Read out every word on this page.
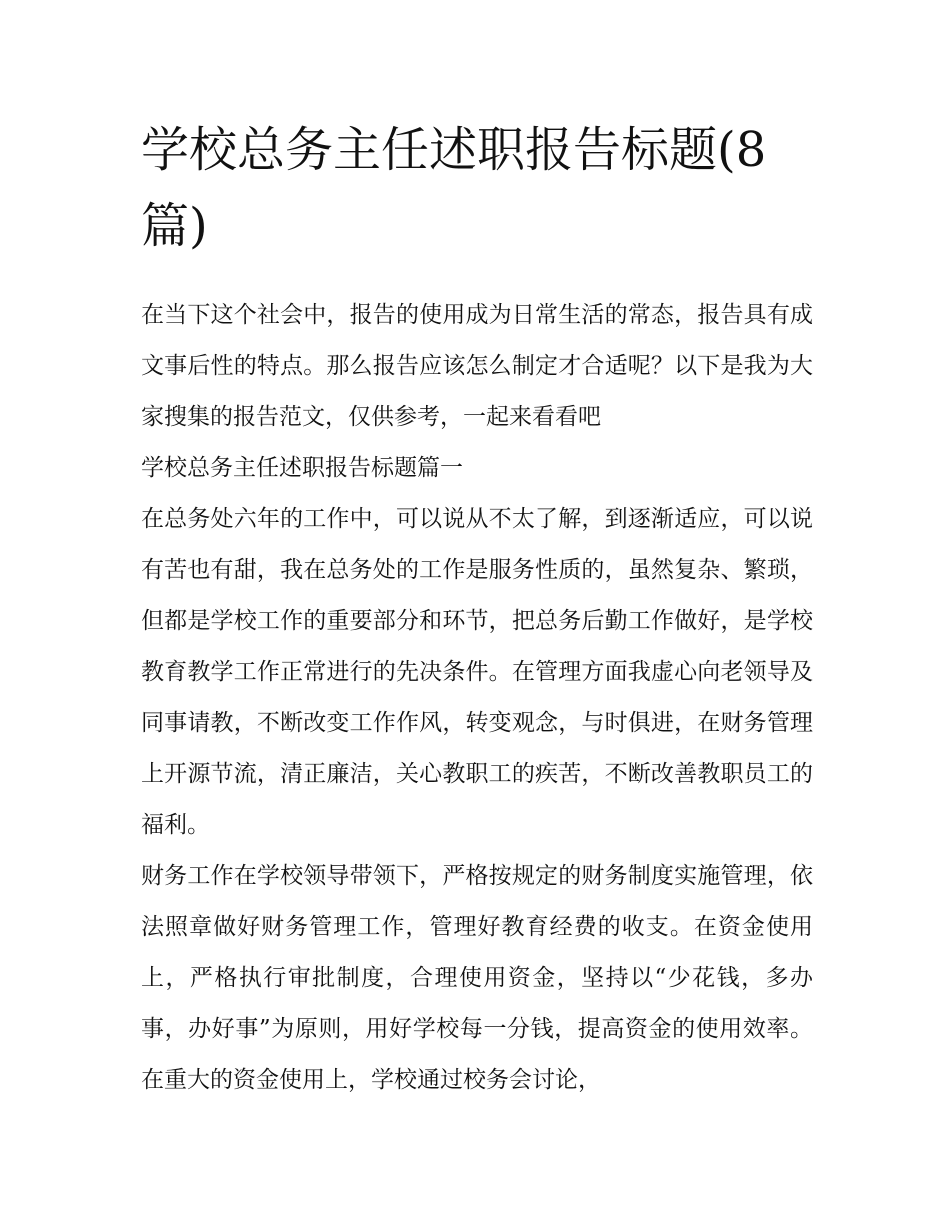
学校总务主任述职报告标题(8篇)

在当下这个社会中，报告的使用成为日常生活的常态，报告具有成文事后性的特点。那么报告应该怎么制定才合适呢？以下是我为大家搜集的报告范文，仅供参考，一起来看看吧

学校总务主任述职报告标题篇一

在总务处六年的工作中，可以说从不太了解，到逐渐适应，可以说有苦也有甜，我在总务处的工作是服务性质的，虽然复杂、繁琐，但都是学校工作的重要部分和环节，把总务后勤工作做好，是学校教育教学工作正常进行的先决条件。在管理方面我虚心向老领导及同事请教，不断改变工作作风，转变观念，与时俱进，在财务管理上开源节流，清正廉洁，关心教职工的疾苦，不断改善教职员工的福利。

财务工作在学校领导带领下，严格按规定的财务制度实施管理，依法照章做好财务管理工作，管理好教育经费的收支。在资金使用上，严格执行审批制度，合理使用资金，坚持以“少花钱，多办事，办好事”为原则，用好学校每一分钱，提高资金的使用效率。在重大的资金使用上，学校通过校务会讨论，
